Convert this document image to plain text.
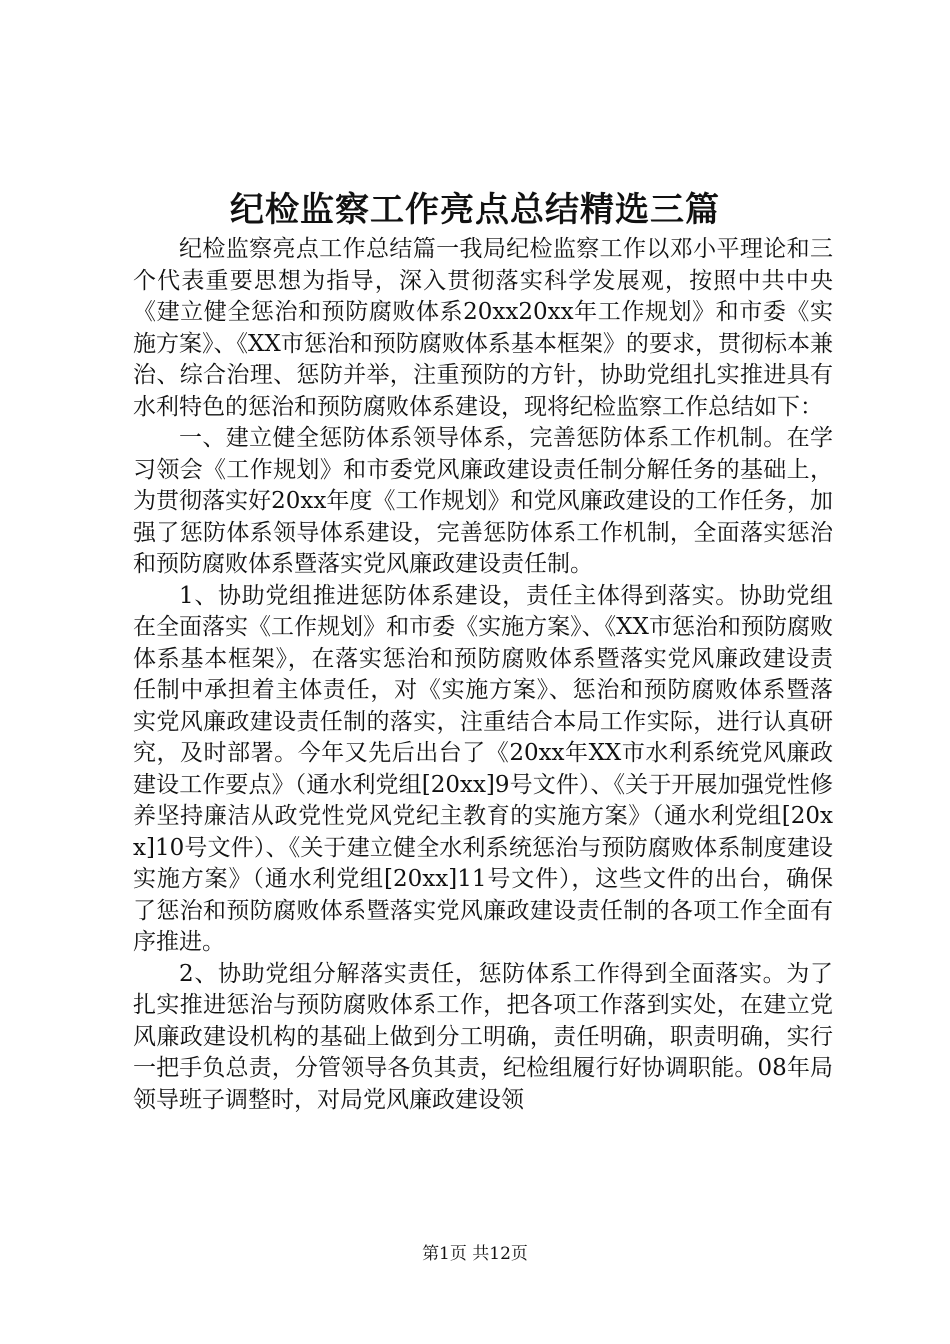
纪检监察工作亮点总结精选三篇

纪检监察亮点工作总结篇一我局纪检监察工作以邓小平理论和三个代表重要思想为指导，深入贯彻落实科学发展观，按照中共中央《建立健全惩治和预防腐败体系20xx20xx年工作规划》和市委《实施方案》、《XX市惩治和预防腐败体系基本框架》的要求，贯彻标本兼治、综合治理、惩防并举，注重预防的方针，协助党组扎实推进具有水利特色的惩治和预防腐败体系建设，现将纪检监察工作总结如下：

一、建立健全惩防体系领导体系，完善惩防体系工作机制。在学习领会《工作规划》和市委党风廉政建设责任制分解任务的基础上，为贯彻落实好20xx年度《工作规划》和党风廉政建设的工作任务，加强了惩防体系领导体系建设，完善惩防体系工作机制，全面落实惩治和预防腐败体系暨落实党风廉政建设责任制。

1、协助党组推进惩防体系建设，责任主体得到落实。协助党组在全面落实《工作规划》和市委《实施方案》、《XX市惩治和预防腐败体系基本框架》，在落实惩治和预防腐败体系暨落实党风廉政建设责任制中承担着主体责任，对《实施方案》、惩治和预防腐败体系暨落实党风廉政建设责任制的落实，注重结合本局工作实际，进行认真研究，及时部署。今年又先后出台了《20xx年XX市水利系统党风廉政建设工作要点》（通水利党组[20xx]9号文件）、《关于开展加强党性修养坚持廉洁从政党性党风党纪主教育的实施方案》（通水利党组[20xx]10号文件）、《关于建立健全水利系统惩治与预防腐败体系制度建设实施方案》（通水利党组[20xx]11号文件），这些文件的出台，确保了惩治和预防腐败体系暨落实党风廉政建设责任制的各项工作全面有序推进。

2、协助党组分解落实责任，惩防体系工作得到全面落实。为了扎实推进惩治与预防腐败体系工作，把各项工作落到实处，在建立党风廉政建设机构的基础上做到分工明确，责任明确，职责明确，实行一把手负总责，分管领导各负其责，纪检组履行好协调职能。08年局领导班子调整时，对局党风廉政建设领

第1页 共12页
